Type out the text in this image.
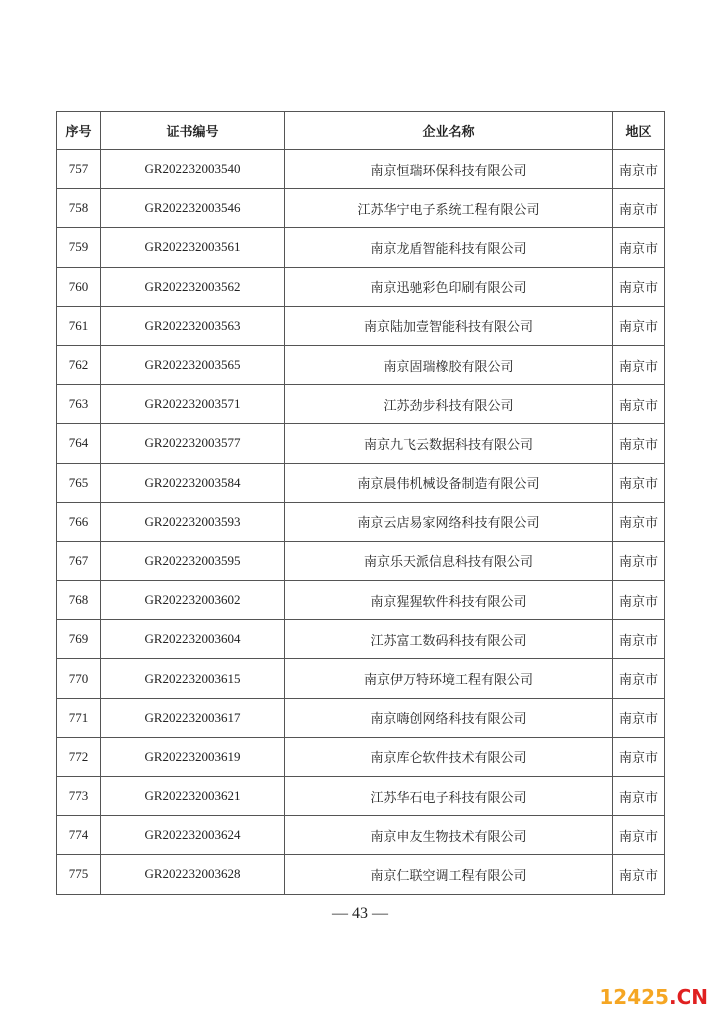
序号	证书编号	企业名称	地区
757	GR202232003540	南京恒瑞环保科技有限公司	南京市
758	GR202232003546	江苏华宁电子系统工程有限公司	南京市
759	GR202232003561	南京龙盾智能科技有限公司	南京市
760	GR202232003562	南京迅驰彩色印刷有限公司	南京市
761	GR202232003563	南京陆加壹智能科技有限公司	南京市
762	GR202232003565	南京固瑞橡胶有限公司	南京市
763	GR202232003571	江苏劲步科技有限公司	南京市
764	GR202232003577	南京九飞云数据科技有限公司	南京市
765	GR202232003584	南京晨伟机械设备制造有限公司	南京市
766	GR202232003593	南京云店易家网络科技有限公司	南京市
767	GR202232003595	南京乐天派信息科技有限公司	南京市
768	GR202232003602	南京猩猩软件科技有限公司	南京市
769	GR202232003604	江苏富工数码科技有限公司	南京市
770	GR202232003615	南京伊万特环境工程有限公司	南京市
771	GR202232003617	南京嗨创网络科技有限公司	南京市
772	GR202232003619	南京库仑软件技术有限公司	南京市
773	GR202232003621	江苏华石电子科技有限公司	南京市
774	GR202232003624	南京申友生物技术有限公司	南京市
775	GR202232003628	南京仁联空调工程有限公司	南京市
— 43 —
12425.CN
